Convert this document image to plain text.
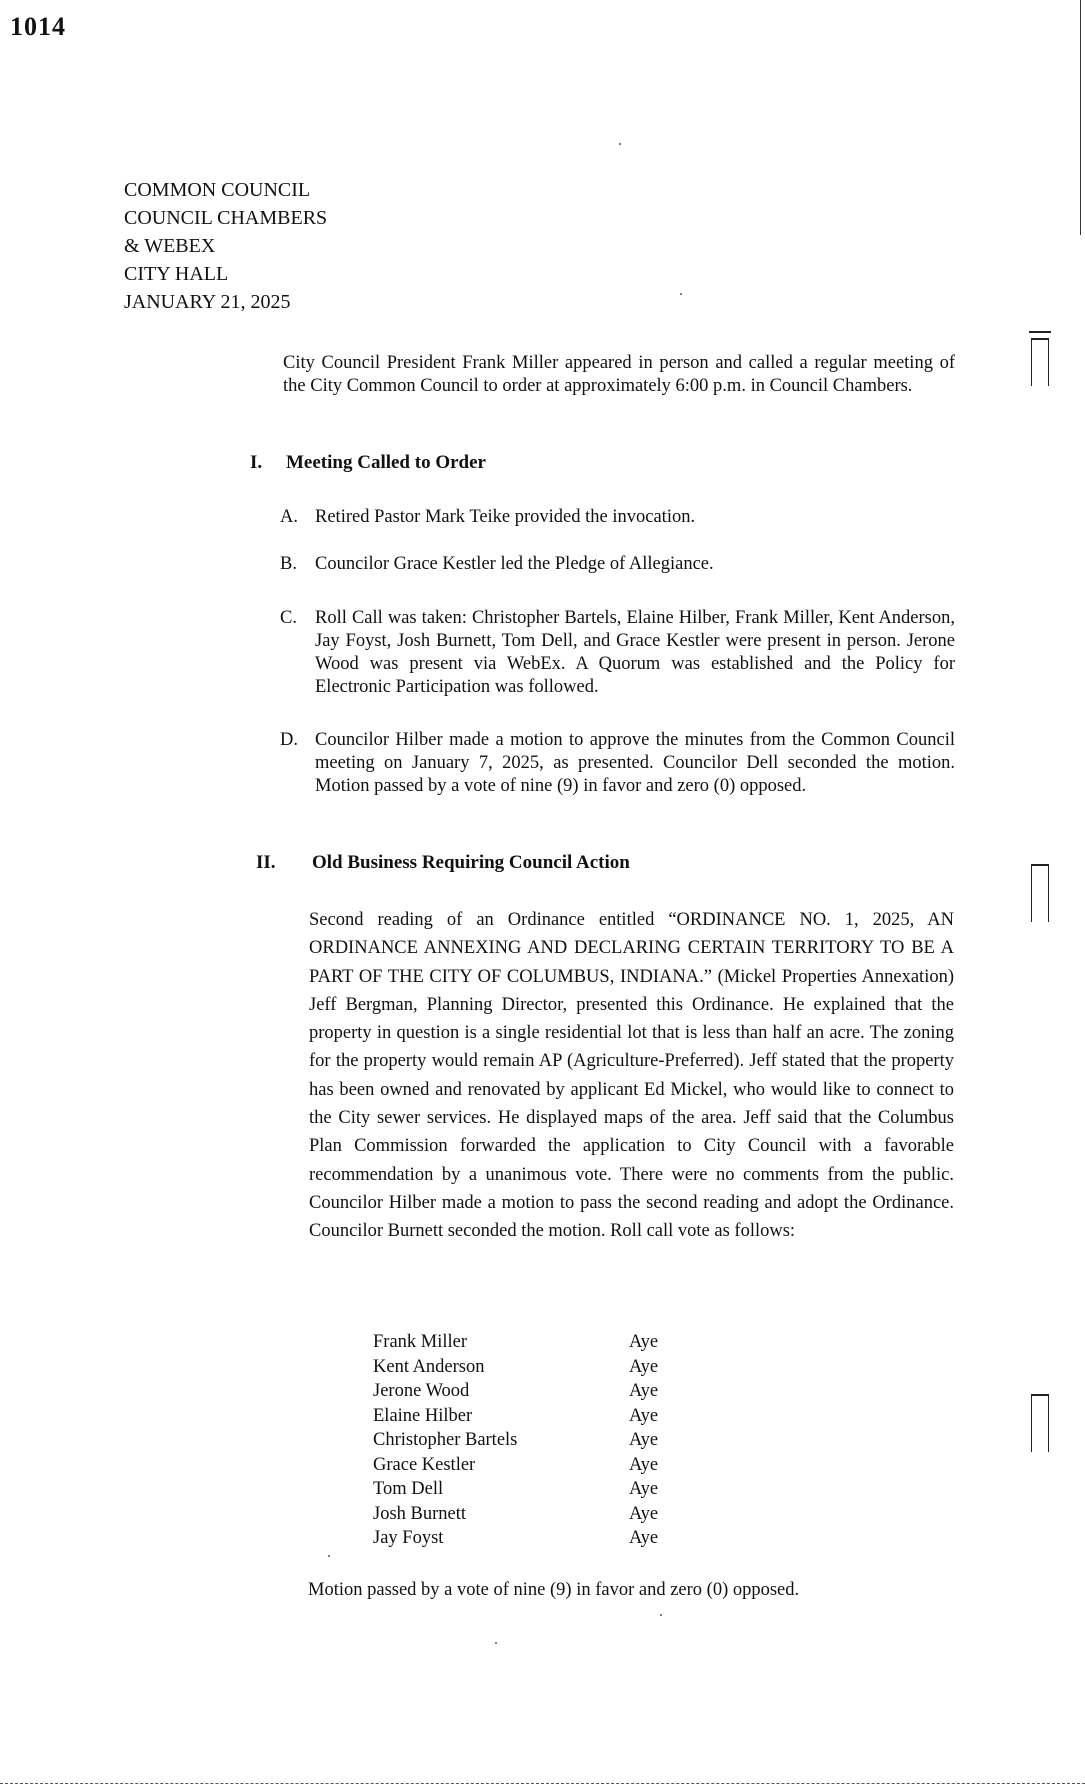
1014
COMMON COUNCIL
COUNCIL CHAMBERS
& WEBEX
CITY HALL
JANUARY 21, 2025
City Council President Frank Miller appeared in person and called a regular meeting of the City Common Council to order at approximately 6:00 p.m. in Council Chambers.
I. Meeting Called to Order
A. Retired Pastor Mark Teike provided the invocation.
B. Councilor Grace Kestler led the Pledge of Allegiance.
C. Roll Call was taken: Christopher Bartels, Elaine Hilber, Frank Miller, Kent Anderson, Jay Foyst, Josh Burnett, Tom Dell, and Grace Kestler were present in person. Jerone Wood was present via WebEx. A Quorum was established and the Policy for Electronic Participation was followed.
D. Councilor Hilber made a motion to approve the minutes from the Common Council meeting on January 7, 2025, as presented. Councilor Dell seconded the motion. Motion passed by a vote of nine (9) in favor and zero (0) opposed.
II. Old Business Requiring Council Action
Second reading of an Ordinance entitled “ORDINANCE NO. 1, 2025, AN ORDINANCE ANNEXING AND DECLARING CERTAIN TERRITORY TO BE A PART OF THE CITY OF COLUMBUS, INDIANA.” (Mickel Properties Annexation) Jeff Bergman, Planning Director, presented this Ordinance. He explained that the property in question is a single residential lot that is less than half an acre. The zoning for the property would remain AP (Agriculture-Preferred). Jeff stated that the property has been owned and renovated by applicant Ed Mickel, who would like to connect to the City sewer services. He displayed maps of the area. Jeff said that the Columbus Plan Commission forwarded the application to City Council with a favorable recommendation by a unanimous vote. There were no comments from the public. Councilor Hilber made a motion to pass the second reading and adopt the Ordinance. Councilor Burnett seconded the motion. Roll call vote as follows:
Frank Miller	Aye
Kent Anderson	Aye
Jerone Wood	Aye
Elaine Hilber	Aye
Christopher Bartels	Aye
Grace Kestler	Aye
Tom Dell	Aye
Josh Burnett	Aye
Jay Foyst	Aye
Motion passed by a vote of nine (9) in favor and zero (0) opposed.
